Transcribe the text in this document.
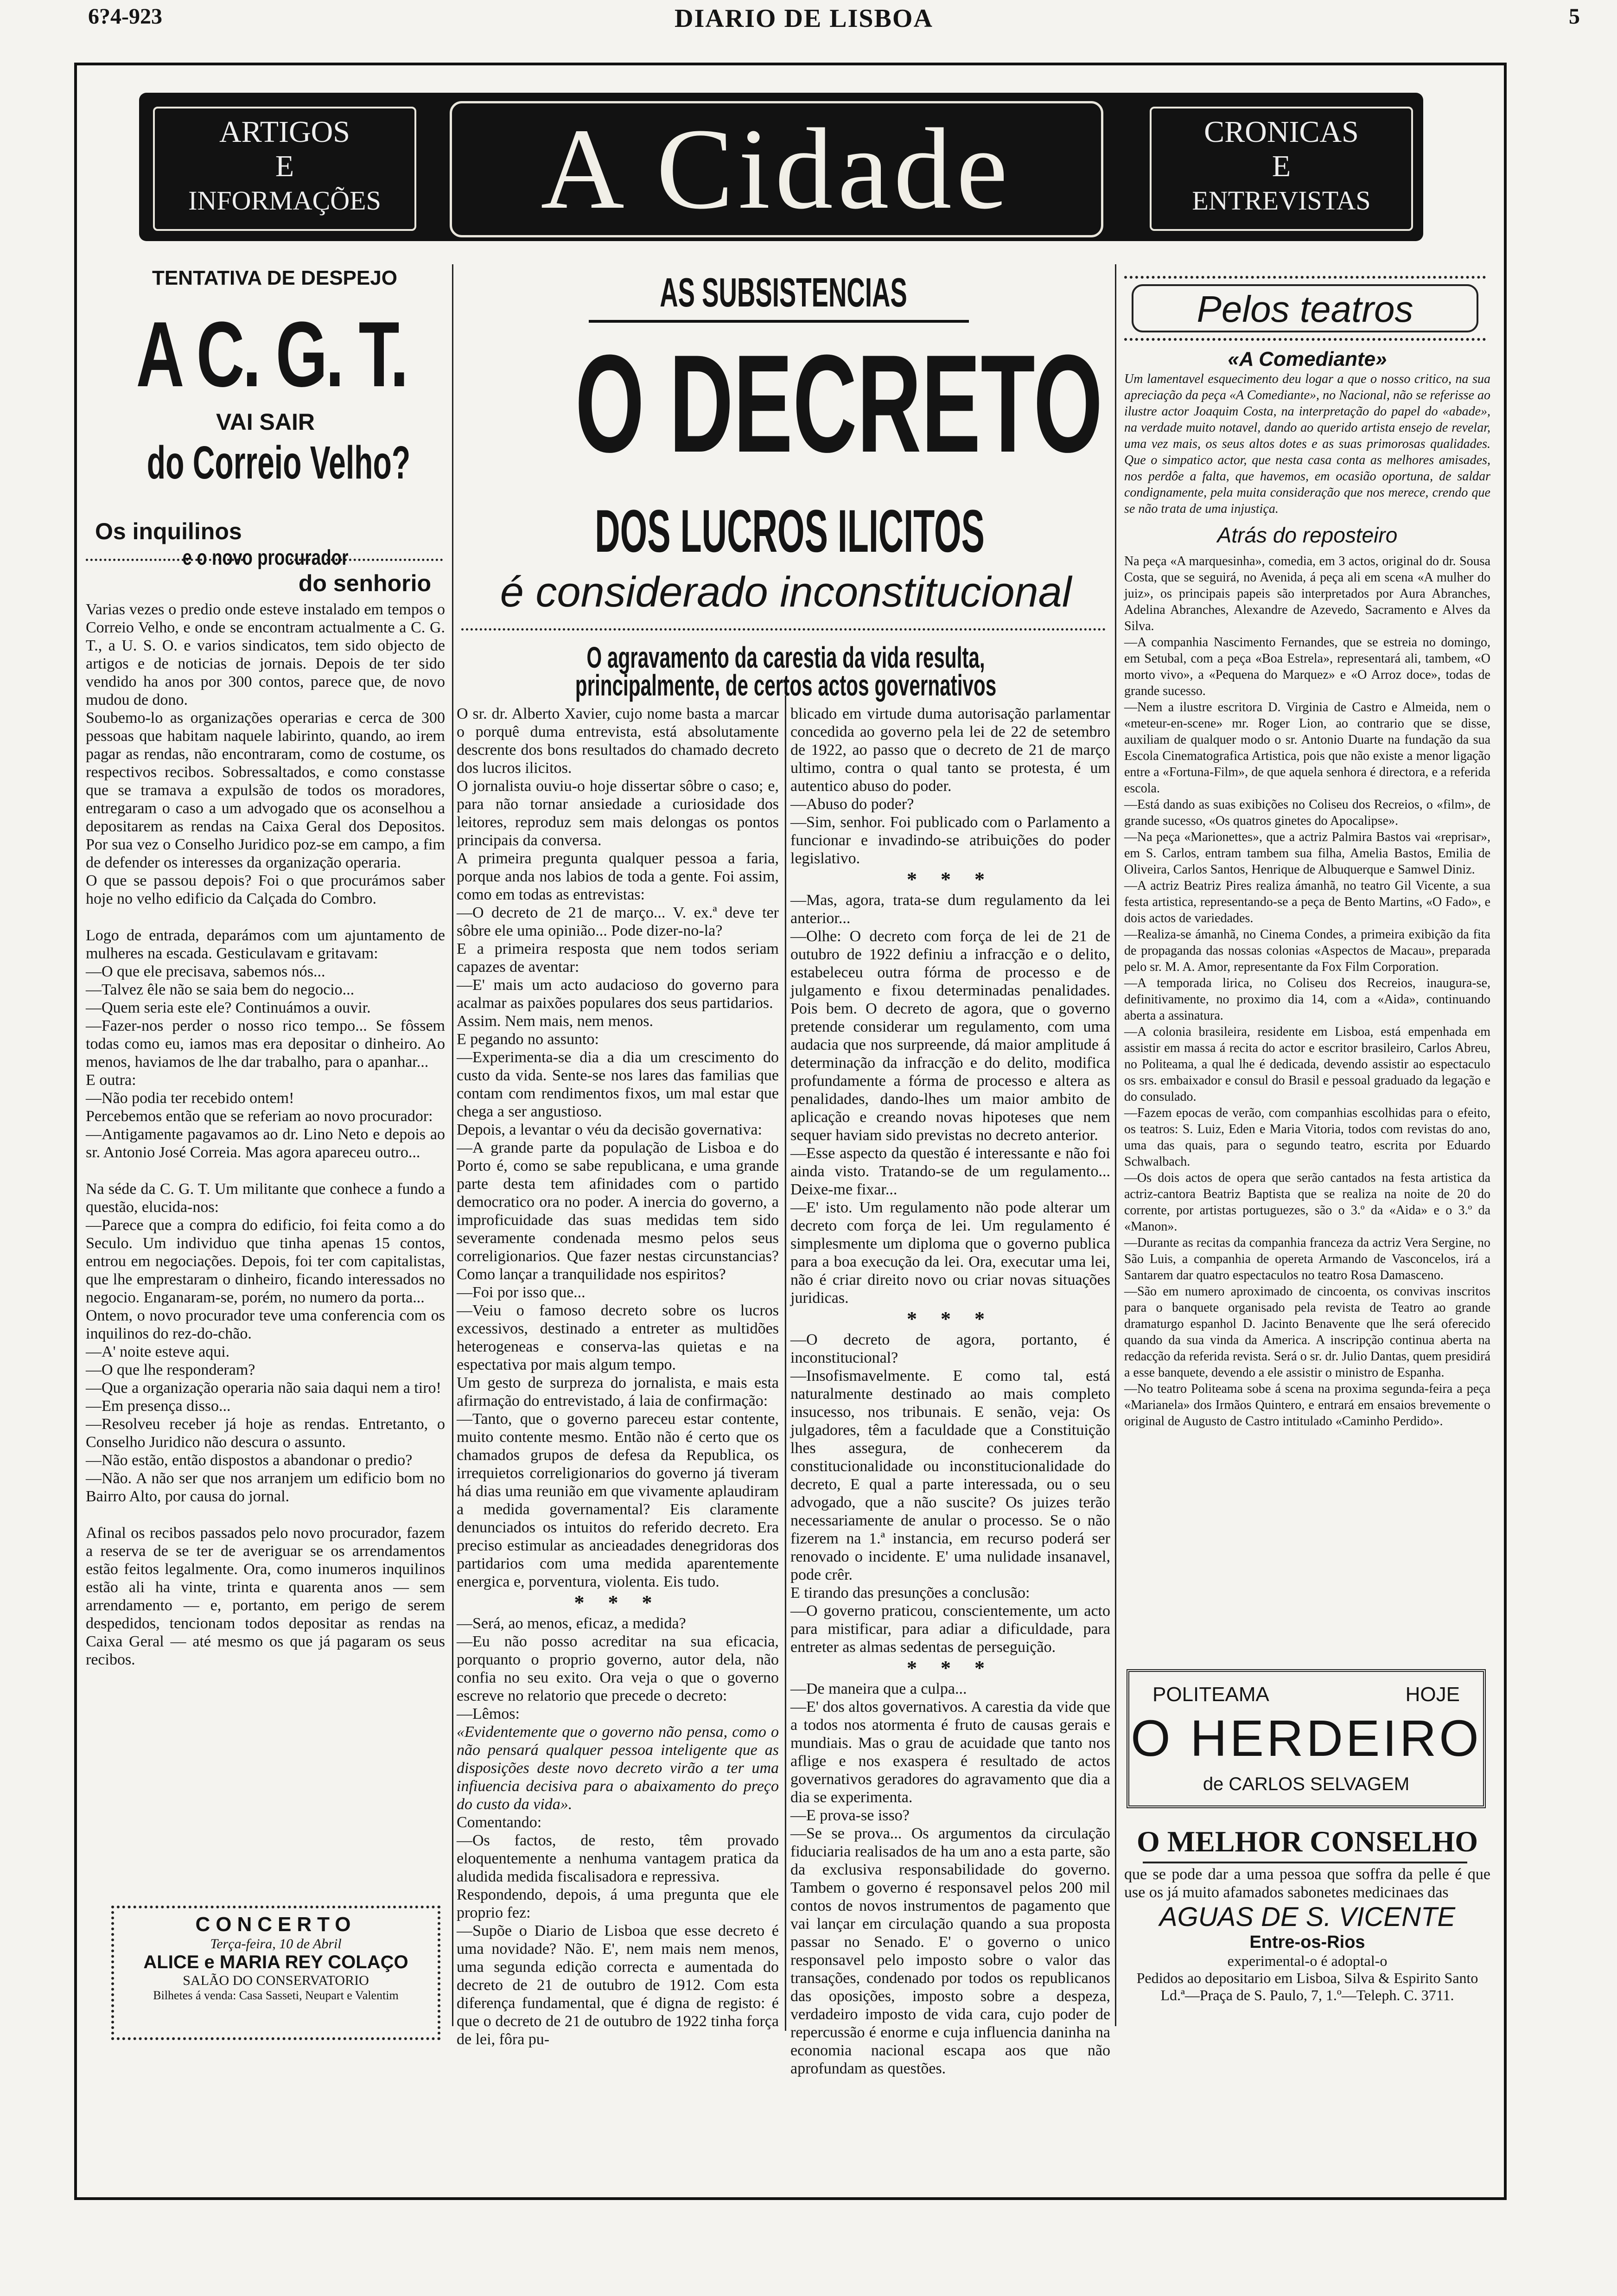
6?4-923	DIARIO DE LISBOA	5
ARTIGOS
E
INFORMAÇÕES	A Cidade	CRONICAS
E
ENTREVISTAS
TENTATIVA DE DESPEJO
A C. G. T.
VAI SAIR
do Correio Velho?
Os inquilinos
e o novo procurador
do senhorio

Varias vezes o predio onde esteve instalado em tempos o Correio Velho, e onde se encontram actualmente a C. G. T., a U. S. O. e varios sindicatos, tem sido objecto de artigos e de noticias de jornais. Depois de ter sido vendido ha anos por 300 contos, parece que, de novo mudou de dono.

Soubemo-lo as organizações operarias e cerca de 300 pessoas que habitam naquele labirinto, quando, ao irem pagar as rendas, não encontraram, como de costume, os respectivos recibos. Sobressaltados, e como constasse que se tramava a expulsão de todos os moradores, entregaram o caso a um advogado que os aconselhou a depositarem as rendas na Caixa Geral dos Depositos. Por sua vez o Conselho Juridico poz-se em campo, a fim de defender os interesses da organização operaria.

O que se passou depois? Foi o que procurámos saber hoje no velho edificio da Calçada do Combro.

Logo de entrada, deparámos com um ajuntamento de mulheres na escada. Gesticulavam e gritavam:

—O que ele precisava, sabemos nós...

—Talvez êle não se saia bem do negocio...

—Quem seria este ele? Continuámos a ouvir.

—Fazer-nos perder o nosso rico tempo... Se fôssem todas como eu, iamos mas era depositar o dinheiro. Ao menos, haviamos de lhe dar trabalho, para o apanhar...

E outra:

—Não podia ter recebido ontem!

Percebemos então que se referiam ao novo procurador:

—Antigamente pagavamos ao dr. Lino Neto e depois ao sr. Antonio José Correia. Mas agora apareceu outro...

Na séde da C. G. T. Um militante que conhece a fundo a questão, elucida-nos:

—Parece que a compra do edificio, foi feita como a do Seculo. Um individuo que tinha apenas 15 contos, entrou em negociações. Depois, foi ter com capitalistas, que lhe emprestaram o dinheiro, ficando interessados no negocio. Enganaram-se, porém, no numero da porta...

Ontem, o novo procurador teve uma conferencia com os inquilinos do rez-do-chão.

—A' noite esteve aqui.

—O que lhe responderam?

—Que a organização operaria não saia daqui nem a tiro!

—Em presença disso...

—Resolveu receber já hoje as rendas. Entretanto, o Conselho Juridico não descura o assunto.

—Não estão, então dispostos a abandonar o predio?

—Não. A não ser que nos arranjem um edificio bom no Bairro Alto, por causa do jornal.

Afinal os recibos passados pelo novo procurador, fazem a reserva de se ter de averiguar se os arrendamentos estão feitos legalmente. Ora, como inumeros inquilinos estão ali ha vinte, trinta e quarenta anos — sem arrendamento — e, portanto, em perigo de serem despedidos, tencionam todos depositar as rendas na Caixa Geral — até mesmo os que já pagaram os seus recibos.

CONCERTO
Terça-feira, 10 de Abril
ALICE e MARIA REY COLAÇO
SALÃO DO CONSERVATORIO
Bilhetes á venda: Casa Sasseti, Neupart e Valentim
AS SUBSISTENCIAS
O DECRETO
DOS LUCROS ILICITOS
é considerado inconstitucional
O agravamento da carestia da vida resulta,
principalmente, de certos actos governativos

O sr. dr. Alberto Xavier, cujo nome basta a marcar o porquê duma entrevista, está absolutamente descrente dos bons resultados do chamado decreto dos lucros ilicitos.

O jornalista ouviu-o hoje dissertar sôbre o caso; e, para não tornar ansiedade a curiosidade dos leitores, reproduz sem mais delongas os pontos principais da conversa.

A primeira pregunta qualquer pessoa a faria, porque anda nos labios de toda a gente. Foi assim, como em todas as entrevistas:

—O decreto de 21 de março... V. ex.ª deve ter sôbre ele uma opinião... Pode dizer-no-la?

E a primeira resposta que nem todos seriam capazes de aventar:

—E' mais um acto audacioso do governo para acalmar as paixões populares dos seus partidarios.

Assim. Nem mais, nem menos.

E pegando no assunto:

—Experimenta-se dia a dia um crescimento do custo da vida. Sente-se nos lares das familias que contam com rendimentos fixos, um mal estar que chega a ser angustioso.

Depois, a levantar o véu da decisão governativa:

—A grande parte da população de Lisboa e do Porto é, como se sabe republicana, e uma grande parte desta tem afinidades com o partido democratico ora no poder. A inercia do governo, a improficuidade das suas medidas tem sido severamente condenada mesmo pelos seus correligionarios. Que fazer nestas circunstancias? Como lançar a tranquilidade nos espiritos?

—Foi por isso que...

—Veiu o famoso decreto sobre os lucros excessivos, destinado a entreter as multidões heterogeneas e conserva-las quietas e na espectativa por mais algum tempo.

Um gesto de surpreza do jornalista, e mais esta afirmação do entrevistado, á laia de confirmação:

—Tanto, que o governo pareceu estar contente, muito contente mesmo. Então não é certo que os chamados grupos de defesa da Republica, os irrequietos correligionarios do governo já tiveram há dias uma reunião em que vivamente aplaudiram a medida governamental? Eis claramente denunciados os intuitos do referido decreto. Era preciso estimular as ancieadades denegridoras dos partidarios com uma medida aparentemente energica e, porventura, violenta. Eis tudo.

* * *

—Será, ao menos, eficaz, a medida?

—Eu não posso acreditar na sua eficacia, porquanto o proprio governo, autor dela, não confia no seu exito. Ora veja o que o governo escreve no relatorio que precede o decreto:

—Lêmos:

«Evidentemente que o governo não pensa, como o não pensará qualquer pessoa inteligente que as disposições deste novo decreto virão a ter uma infiuencia decisiva para o abaixamento do preço do custo da vida».

Comentando:

—Os factos, de resto, têm provado eloquentemente a nenhuma vantagem pratica da aludida medida fiscalisadora e repressiva.

Respondendo, depois, á uma pregunta que ele proprio fez:

—Supõe o Diario de Lisboa que esse decreto é uma novidade? Não. E', nem mais nem menos, uma segunda edição correcta e aumentada do decreto de 21 de outubro de 1912. Com esta diferença fundamental, que é digna de registo: é que o decreto de 21 de outubro de 1922 tinha força de lei, fôra pu-

blicado em virtude duma autorisação parlamentar concedida ao governo pela lei de 22 de setembro de 1922, ao passo que o decreto de 21 de março ultimo, contra o qual tanto se protesta, é um autentico abuso do poder.

—Abuso do poder?

—Sim, senhor. Foi publicado com o Parlamento a funcionar e invadindo-se atribuições do poder legislativo.

* * *

—Mas, agora, trata-se dum regulamento da lei anterior...

—Olhe: O decreto com força de lei de 21 de outubro de 1922 definiu a infracção e o delito, estabeleceu outra fórma de processo e de julgamento e fixou determinadas penalidades. Pois bem. O decreto de agora, que o governo pretende considerar um regulamento, com uma audacia que nos surpreende, dá maior amplitude á determinação da infracção e do delito, modifica profundamente a fórma de processo e altera as penalidades, dando-lhes um maior ambito de aplicação e creando novas hipoteses que nem sequer haviam sido previstas no decreto anterior.

—Esse aspecto da questão é interessante e não foi ainda visto. Tratando-se de um regulamento... Deixe-me fixar...

—E' isto. Um regulamento não pode alterar um decreto com força de lei. Um regulamento é simplesmente um diploma que o governo publica para a boa execução da lei. Ora, executar uma lei, não é criar direito novo ou criar novas situações juridicas.

* * *

—O decreto de agora, portanto, é inconstitucional?

—Insofismavelmente. E como tal, está naturalmente destinado ao mais completo insucesso, nos tribunais. E senão, veja: Os julgadores, têm a faculdade que a Constituição lhes assegura, de conhecerem da constitucionalidade ou inconstitucionalidade do decreto, E qual a parte interessada, ou o seu advogado, que a não suscite? Os juizes terão necessariamente de anular o processo. Se o não fizerem na 1.ª instancia, em recurso poderá ser renovado o incidente. E' uma nulidade insanavel, pode crêr.

E tirando das presunções a conclusão:

—O governo praticou, conscientemente, um acto para mistificar, para adiar a dificuldade, para entreter as almas sedentas de perseguição.

* * *

—De maneira que a culpa...

—E' dos altos governativos. A carestia da vide que a todos nos atormenta é fruto de causas gerais e mundiais. Mas o grau de acuidade que tanto nos aflige e nos exaspera é resultado de actos governativos geradores do agravamento que dia a dia se experimenta.

—E prova-se isso?

—Se se prova... Os argumentos da circulação fiduciaria realisados de ha um ano a esta parte, são da exclusiva responsabilidade do governo. Tambem o governo é responsavel pelos 200 mil contos de novos instrumentos de pagamento que vai lançar em circulação quando a sua proposta passar no Senado. E' o governo o unico responsavel pelo imposto sobre o valor das transações, condenado por todos os republicanos das oposições, imposto sobre a despeza, verdadeiro imposto de vida cara, cujo poder de repercussão é enorme e cuja influencia daninha na economia nacional escapa aos que não aprofundam as questões.

Pelos teatros
«A Comediante»

Um lamentavel esquecimento deu logar a que o nosso critico, na sua apreciação da peça «A Comediante», no Nacional, não se referisse ao ilustre actor Joaquim Costa, na interpretação do papel do «abade», na verdade muito notavel, dando ao querido artista ensejo de revelar, uma vez mais, os seus altos dotes e as suas primorosas qualidades. Que o simpatico actor, que nesta casa conta as melhores amisades, nos perdôe a falta, que havemos, em ocasião oportuna, de saldar condignamente, pela muita consideração que nos merece, crendo que se não trata de uma injustiça.

Atrás do reposteiro

Na peça «A marquesinha», comedia, em 3 actos, original do dr. Sousa Costa, que se seguirá, no Avenida, á peça ali em scena «A mulher do juiz», os principais papeis são interpretados por Aura Abranches, Adelina Abranches, Alexandre de Azevedo, Sacramento e Alves da Silva.

—A companhia Nascimento Fernandes, que se estreia no domingo, em Setubal, com a peça «Boa Estrela», representará ali, tambem, «O morto vivo», a «Pequena do Marquez» e «O Arroz doce», todas de grande sucesso.

—Nem a ilustre escritora D. Virginia de Castro e Almeida, nem o «meteur-en-scene» mr. Roger Lion, ao contrario que se disse, auxiliam de qualquer modo o sr. Antonio Duarte na fundação da sua Escola Cinematografica Artistica, pois que não existe a menor ligação entre a «Fortuna-Film», de que aquela senhora é directora, e a referida escola.

—Está dando as suas exibições no Coliseu dos Recreios, o «film», de grande sucesso, «Os quatros ginetes do Apocalipse».

—Na peça «Marionettes», que a actriz Palmira Bastos vai «reprisar», em S. Carlos, entram tambem sua filha, Amelia Bastos, Emilia de Oliveira, Carlos Santos, Henrique de Albuquerque e Samwel Diniz.

—A actriz Beatriz Pires realiza ámanhã, no teatro Gil Vicente, a sua festa artistica, representando-se a peça de Bento Martins, «O Fado», e dois actos de variedades.

—Realiza-se ámanhã, no Cinema Condes, a primeira exibição da fita de propaganda das nossas colonias «Aspectos de Macau», preparada pelo sr. M. A. Amor, representante da Fox Film Corporation.

—A temporada lirica, no Coliseu dos Recreios, inaugura-se, definitivamente, no proximo dia 14, com a «Aida», continuando aberta a assinatura.

—A colonia brasileira, residente em Lisboa, está empenhada em assistir em massa á recita do actor e escritor brasileiro, Carlos Abreu, no Politeama, a qual lhe é dedicada, devendo assistir ao espectaculo os srs. embaixador e consul do Brasil e pessoal graduado da legação e do consulado.

—Fazem epocas de verão, com companhias escolhidas para o efeito, os teatros: S. Luiz, Eden e Maria Vitoria, todos com revistas do ano, uma das quais, para o segundo teatro, escrita por Eduardo Schwalbach.

—Os dois actos de opera que serão cantados na festa artistica da actriz-cantora Beatriz Baptista que se realiza na noite de 20 do corrente, por artistas portuguezes, são o 3.º da «Aida» e o 3.º da «Manon».

—Durante as recitas da companhia franceza da actriz Vera Sergine, no São Luis, a companhia de opereta Armando de Vasconcelos, irá a Santarem dar quatro espectaculos no teatro Rosa Damasceno.

—São em numero aproximado de cincoenta, os convivas inscritos para o banquete organisado pela revista de Teatro ao grande dramaturgo espanhol D. Jacinto Benavente que lhe será oferecido quando da sua vinda da America. A inscripção continua aberta na redacção da referida revista. Será o sr. dr. Julio Dantas, quem presidirá a esse banquete, devendo a ele assistir o ministro de Espanha.

—No teatro Politeama sobe á scena na proxima segunda-feira a peça «Marianela» dos Irmãos Quintero, e entrará em ensaios brevemente o original de Augusto de Castro intitulado «Caminho Perdido».

POLITEAMA	HOJE
O HERDEIRO
de CARLOS SELVAGEM
O MELHOR CONSELHO

que se pode dar a uma pessoa que soffra da pelle é que use os já muito afamados sabonetes medicinaes das

AGUAS DE S. VICENTE
Entre-os-Rios
experimental-o é adoptal-o

Pedidos ao depositario em Lisboa, Silva & Espirito Santo Ld.ª—Praça de S. Paulo, 7, 1.º—Teleph. C. 3711.
